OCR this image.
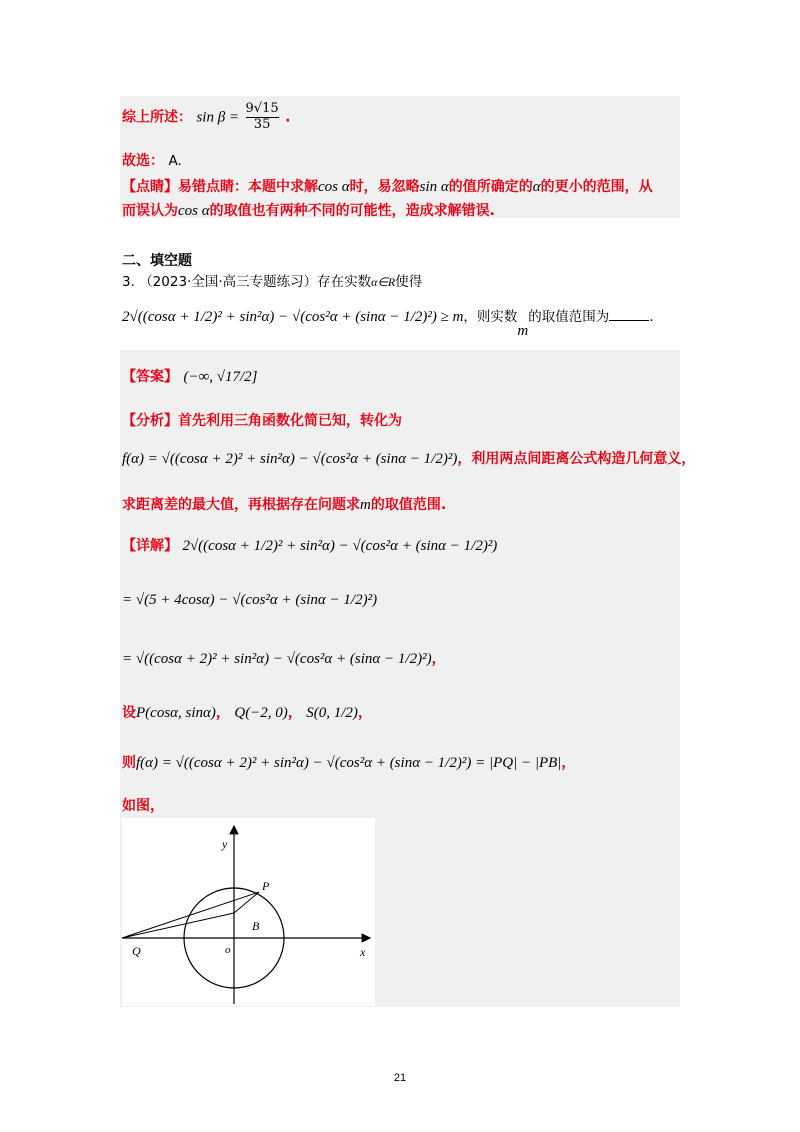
综上所述： $\sin \beta = \frac{9√15}{35}$ .
故选： A.
【点睛】易错点睛：本题中求解cos α时，易忽略sin α的值所确定的α的更小的范围，从
而误认为cos α的取值也有两种不同的可能性，造成求解错误.
二、填空题
3. （2023·全国·高三专题练习）存在实数α∈R使得
2√((cosα + 1/2)² + sin²α) − √(cos²α + (sinα − 1/2)²) ≥ m，则实数m的取值范围为	.
【答案】 (−∞, √17/2]
【分析】首先利用三角函数化简已知，转化为
f(α) = √((cosα + 2)² + sin²α) − √(cos²α + (sinα − 1/2)²)，利用两点间距离公式构造几何意义，
求距离差的最大值，再根据存在问题求m的取值范围.
【详解】 2√((cosα + 1/2)² + sin²α) − √(cos²α + (sinα − 1/2)²)
= √(5 + 4cosα) − √(cos²α + (sinα − 1/2)²)
= √((cosα + 2)² + sin²α) − √(cos²α + (sinα − 1/2)²)，
设P(cosα, sinα)， Q(−2, 0)， S(0, 1/2)，
则f(α) = √((cosα + 2)² + sin²α) − √(cos²α + (sinα − 1/2)²) = |PQ| − |PB|，
如图，
y
x
o
P
B
Q
21
